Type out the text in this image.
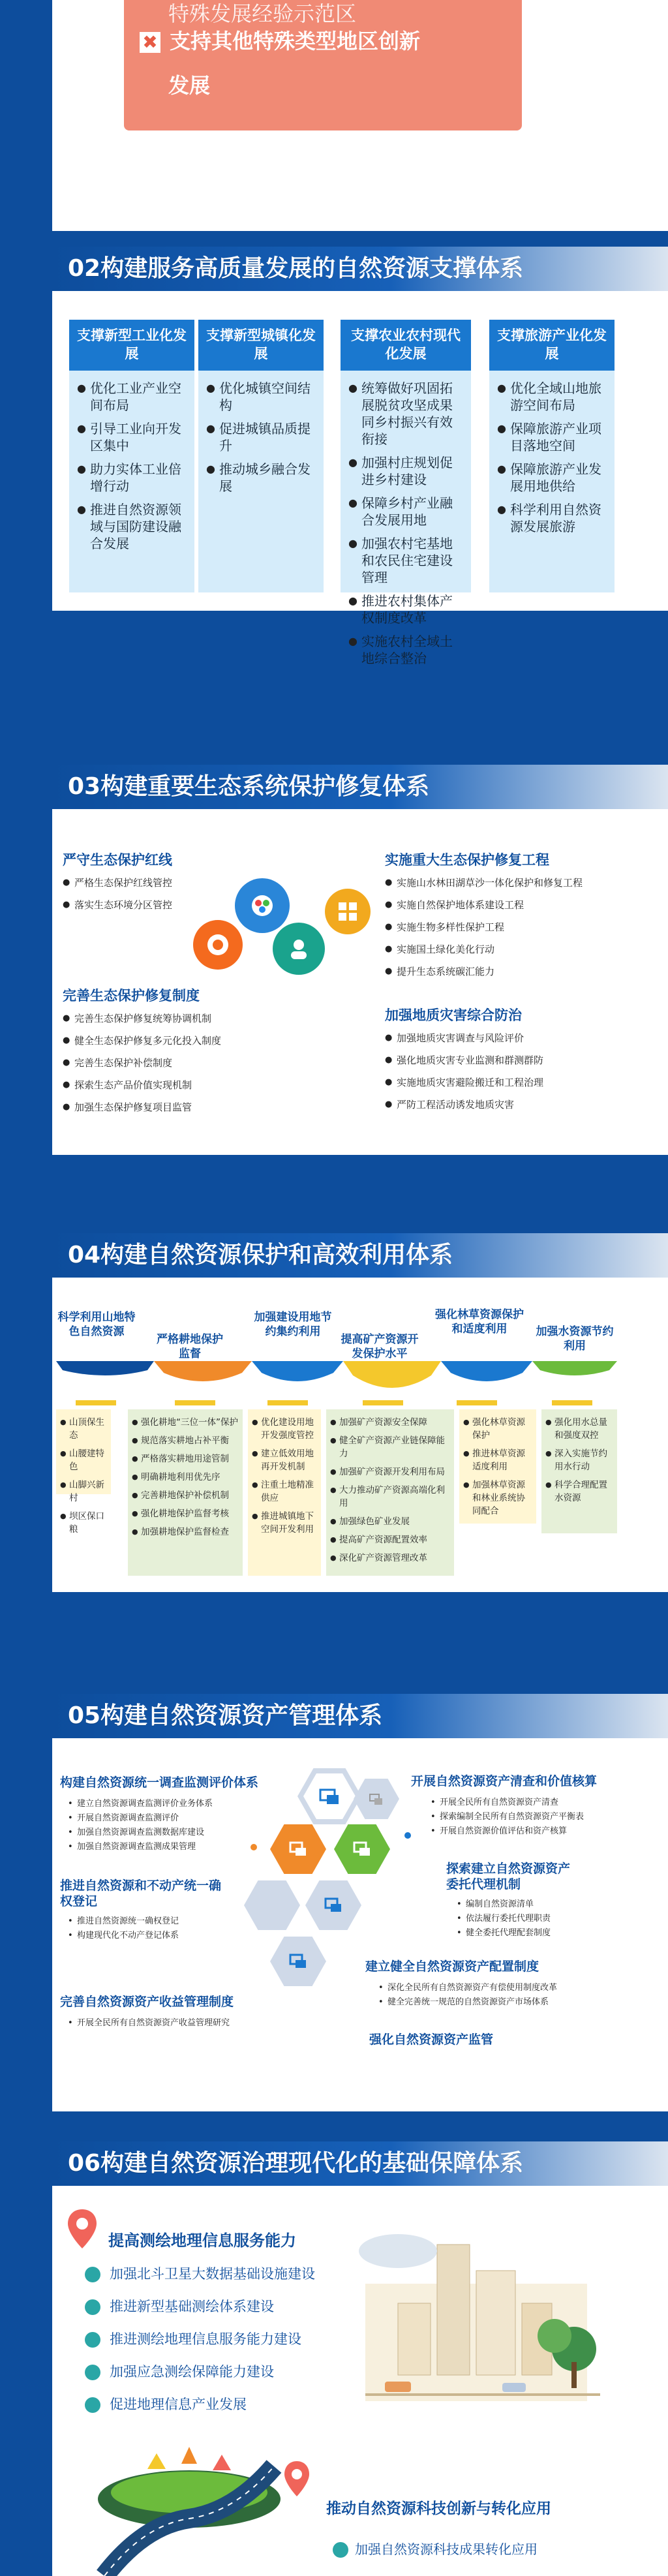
特殊发展经验示范区
✖ 支持其他特殊类型地区创新
发展
02构建服务高质量发展的自然资源支撑体系
支撑新型工业化发展
● 优化工业产业空间布局
● 引导工业向开发区集中
● 助力实体工业倍增行动
● 推进自然资源领域与国防建设融合发展
支撑新型城镇化发展
● 优化城镇空间结构
● 促进城镇品质提升
● 推动城乡融合发展
支撑农业农村现代化发展
● 统筹做好巩固拓展脱贫攻坚成果同乡村振兴有效衔接
● 加强村庄规划促进乡村建设
● 保障乡村产业融合发展用地
● 加强农村宅基地和农民住宅建设管理
● 推进农村集体产权制度改革
● 实施农村全域土地综合整治
支撑旅游产业化发展
● 优化全域山地旅游空间布局
● 保障旅游产业项目落地空间
● 保障旅游产业发展用地供给
● 科学利用自然资源发展旅游
03构建重要生态系统保护修复体系
严守生态保护红线
● 严格生态保护红线管控
● 落实生态环境分区管控
完善生态保护修复制度
● 完善生态保护修复统筹协调机制
● 健全生态保护修复多元化投入制度
● 完善生态保护补偿制度
● 探索生态产品价值实现机制
● 加强生态保护修复项目监管
实施重大生态保护修复工程
● 实施山水林田湖草沙一体化保护和修复工程
● 实施自然保护地体系建设工程
● 实施生物多样性保护工程
● 实施国土绿化美化行动
● 提升生态系统碳汇能力
加强地质灾害综合防治
● 加强地质灾害调查与风险评价
● 强化地质灾害专业监测和群测群防
● 实施地质灾害避险搬迁和工程治理
● 严防工程活动诱发地质灾害
04构建自然资源保护和高效利用体系
科学利用山地特色自然资源
严格耕地保护监督
加强建设用地节约集约利用
提高矿产资源开发保护水平
强化林草资源保护和适度利用	加强水资源节约利用
● 山顶保生态
● 山腰建特色
● 山脚兴新村
● 坝区保口粮
● 强化耕地“三位一体”保护
● 规范落实耕地占补平衡
● 严格落实耕地用途管制
● 明确耕地利用优先序
● 完善耕地保护补偿机制
● 强化耕地保护监督考核
● 加强耕地保护监督检查
● 优化建设用地开发强度管控
● 建立低效用地再开发机制
● 注重土地精准供应
● 推进城镇地下空间开发利用
● 加强矿产资源安全保障
● 健全矿产资源产业链保障能力
● 加强矿产资源开发利用布局
● 大力推动矿产资源高端化利用
● 加强绿色矿业发展
● 提高矿产资源配置效率
● 深化矿产资源管理改革
● 强化林草资源保护
● 推进林草资源适度利用
● 加强林草资源和林业系统协同配合
● 强化用水总量和强度双控
● 深入实施节约用水行动
● 科学合理配置水资源
05构建自然资源资产管理体系
构建自然资源统一调查监测评价体系
• 建立自然资源调查监测评价业务体系
• 开展自然资源调查监测评价
• 加强自然资源调查监测数据库建设
• 加强自然资源调查监测成果管理
推进自然资源和不动产统一确权登记
• 推进自然资源统一确权登记
• 构建现代化不动产登记体系
完善自然资源资产收益管理制度
• 开展全民所有自然资源资产收益管理研究
开展自然资源资产清查和价值核算
• 开展全民所有自然资源资产清查
• 探索编制全民所有自然资源资产平衡表
• 开展自然资源价值评估和资产核算
探索建立自然资源资产委托代理机制
• 编制自然资源清单
• 依法履行委托代理职责
• 健全委托代理配套制度
建立健全自然资源资产配置制度
• 深化全民所有自然资源资产有偿使用制度改革
• 健全完善统一规范的自然资源资产市场体系
强化自然资源资产监管
06构建自然资源治理现代化的基础保障体系
提高测绘地理信息服务能力
加强北斗卫星大数据基础设施建设
推进新型基础测绘体系建设
推进测绘地理信息服务能力建设
加强应急测绘保障能力建设
促进地理信息产业发展
推动自然资源科技创新与转化应用
加强自然资源科技成果转化应用
